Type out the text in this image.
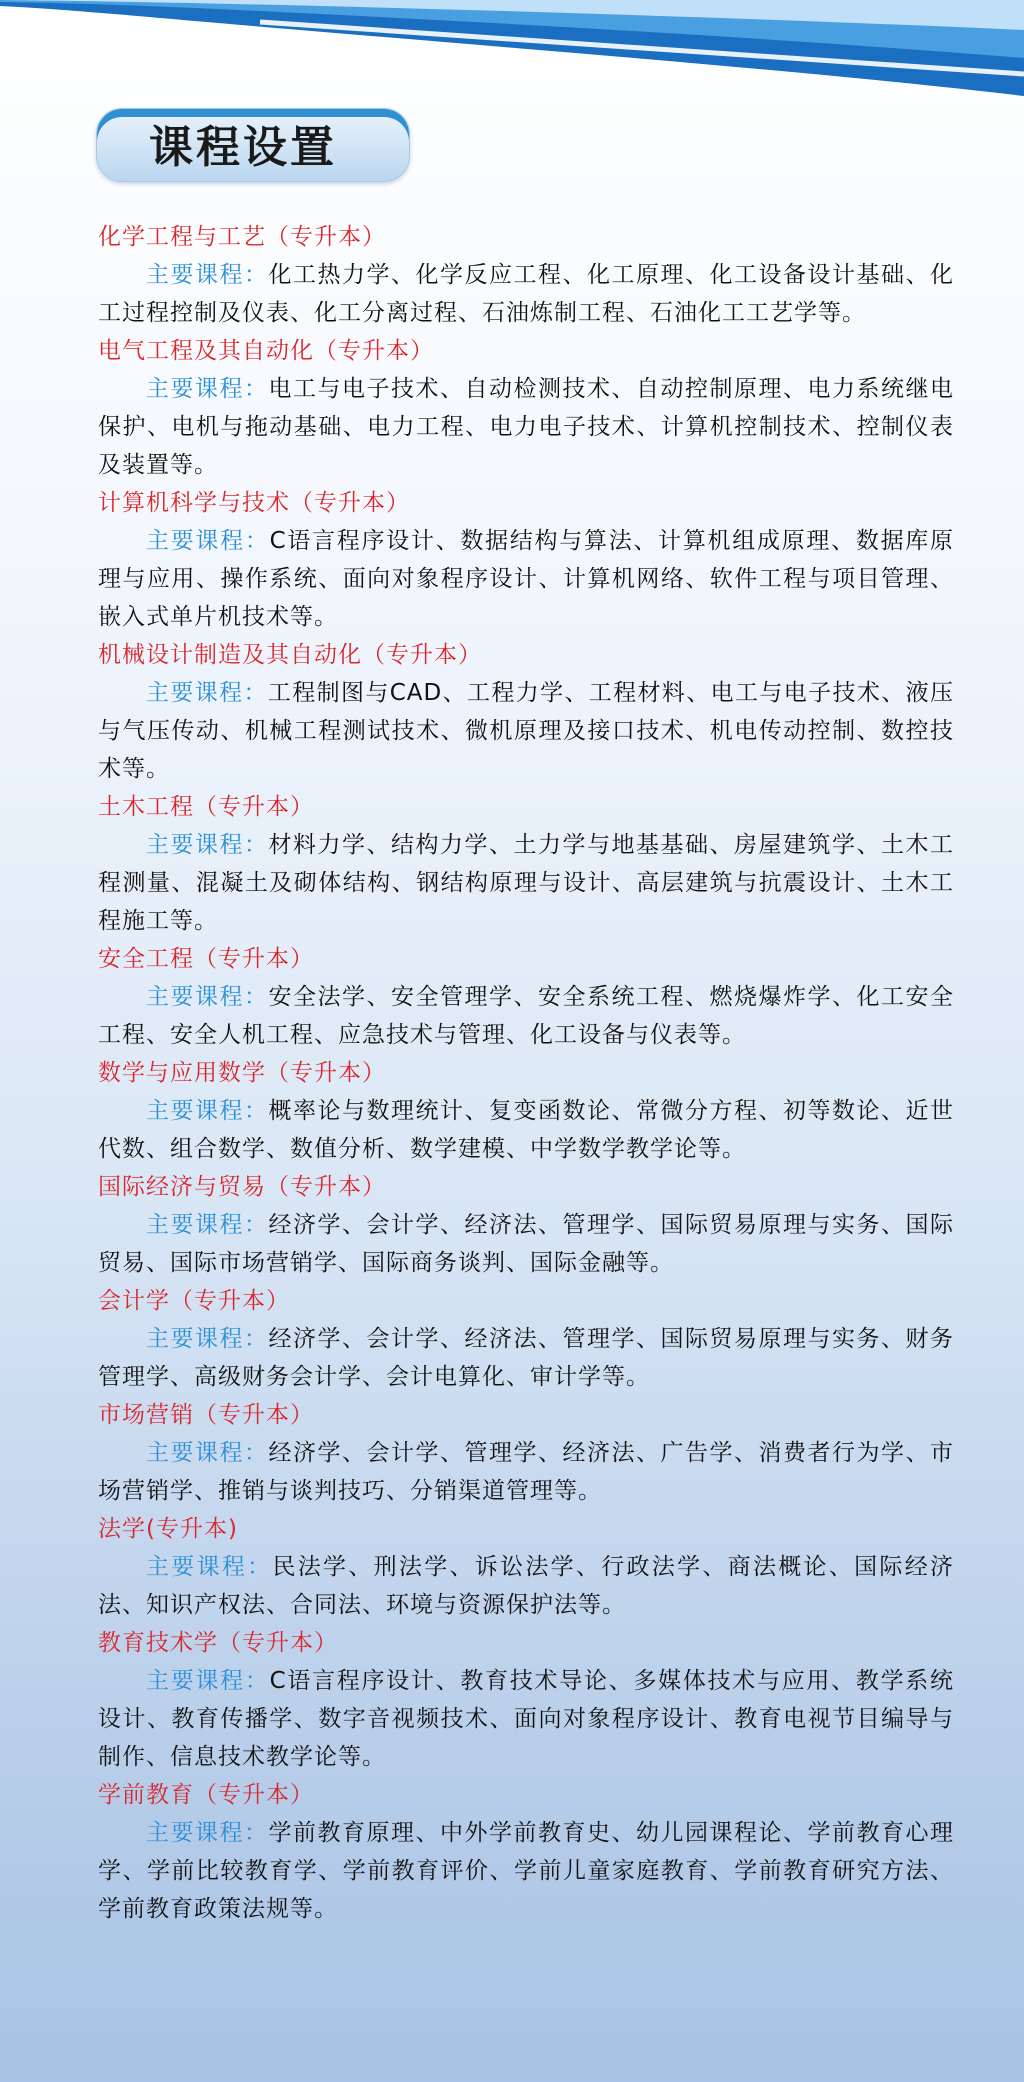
课程设置

化学工程与工艺（专升本）

主要课程：化工热力学、化学反应工程、化工原理、化工设备设计基础、化工过程控制及仪表、化工分离过程、石油炼制工程、石油化工工艺学等。

电气工程及其自动化（专升本）

主要课程：电工与电子技术、自动检测技术、自动控制原理、电力系统继电保护、电机与拖动基础、电力工程、电力电子技术、计算机控制技术、控制仪表及装置等。

计算机科学与技术（专升本）

主要课程：C语言程序设计、数据结构与算法、计算机组成原理、数据库原理与应用、操作系统、面向对象程序设计、计算机网络、软件工程与项目管理、嵌入式单片机技术等。

机械设计制造及其自动化（专升本）

主要课程：工程制图与CAD、工程力学、工程材料、电工与电子技术、液压与气压传动、机械工程测试技术、微机原理及接口技术、机电传动控制、数控技术等。

土木工程（专升本）

主要课程：材料力学、结构力学、土力学与地基基础、房屋建筑学、土木工程测量、混凝土及砌体结构、钢结构原理与设计、高层建筑与抗震设计、土木工程施工等。

安全工程（专升本）

主要课程：安全法学、安全管理学、安全系统工程、燃烧爆炸学、化工安全工程、安全人机工程、应急技术与管理、化工设备与仪表等。

数学与应用数学（专升本）

主要课程：概率论与数理统计、复变函数论、常微分方程、初等数论、近世代数、组合数学、数值分析、数学建模、中学数学教学论等。

国际经济与贸易（专升本）

主要课程：经济学、会计学、经济法、管理学、国际贸易原理与实务、国际贸易、国际市场营销学、国际商务谈判、国际金融等。

会计学（专升本）

主要课程：经济学、会计学、经济法、管理学、国际贸易原理与实务、财务管理学、高级财务会计学、会计电算化、审计学等。

市场营销（专升本）

主要课程：经济学、会计学、管理学、经济法、广告学、消费者行为学、市场营销学、推销与谈判技巧、分销渠道管理等。

法学(专升本)

主要课程：民法学、刑法学、诉讼法学、行政法学、商法概论、国际经济法、知识产权法、合同法、环境与资源保护法等。

教育技术学（专升本）

主要课程：C语言程序设计、教育技术导论、多媒体技术与应用、教学系统设计、教育传播学、数字音视频技术、面向对象程序设计、教育电视节目编导与制作、信息技术教学论等。

学前教育（专升本）

主要课程：学前教育原理、中外学前教育史、幼儿园课程论、学前教育心理学、学前比较教育学、学前教育评价、学前儿童家庭教育、学前教育研究方法、学前教育政策法规等。
